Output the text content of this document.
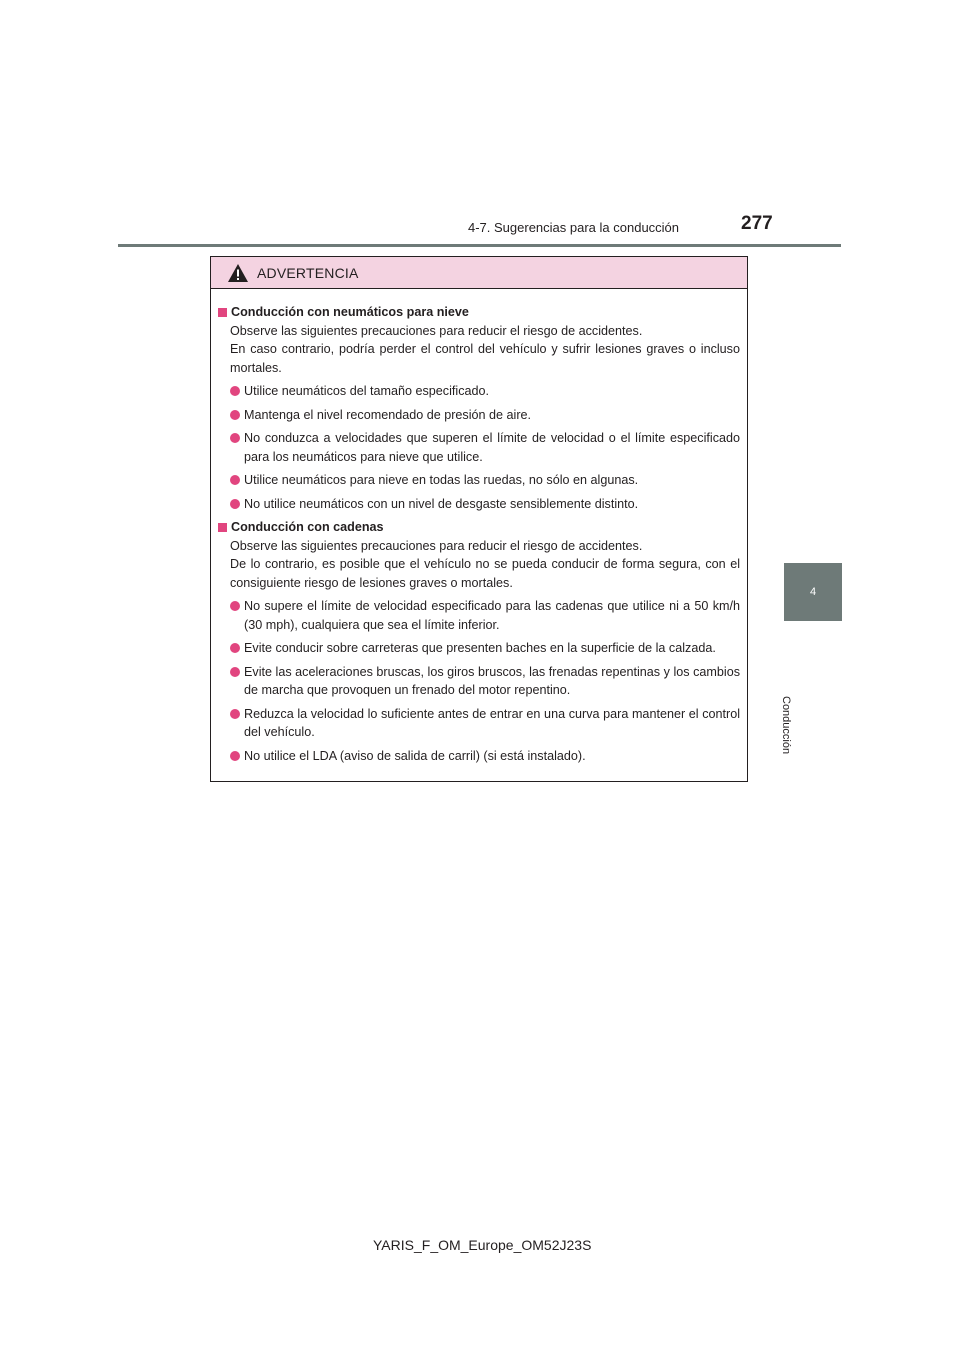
4-7. Sugerencias para la conducción	277
4
Conducción
ADVERTENCIA
Conducción con neumáticos para nieve
Observe las siguientes precauciones para reducir el riesgo de accidentes.
En caso contrario, podría perder el control del vehículo y sufrir lesiones graves o incluso mortales.
Utilice neumáticos del tamaño especificado.
Mantenga el nivel recomendado de presión de aire.
No conduzca a velocidades que superen el límite de velocidad o el límite especificado para los neumáticos para nieve que utilice.
Utilice neumáticos para nieve en todas las ruedas, no sólo en algunas.
No utilice neumáticos con un nivel de desgaste sensiblemente distinto.
Conducción con cadenas
Observe las siguientes precauciones para reducir el riesgo de accidentes.
De lo contrario, es posible que el vehículo no se pueda conducir de forma segura, con el consiguiente riesgo de lesiones graves o mortales.
No supere el límite de velocidad especificado para las cadenas que utilice ni a 50 km/h (30 mph), cualquiera que sea el límite inferior.
Evite conducir sobre carreteras que presenten baches en la superficie de la calzada.
Evite las aceleraciones bruscas, los giros bruscos, las frenadas repentinas y los cambios de marcha que provoquen un frenado del motor repentino.
Reduzca la velocidad lo suficiente antes de entrar en una curva para mantener el control del vehículo.
No utilice el LDA (aviso de salida de carril) (si está instalado).
YARIS_F_OM_Europe_OM52J23S
